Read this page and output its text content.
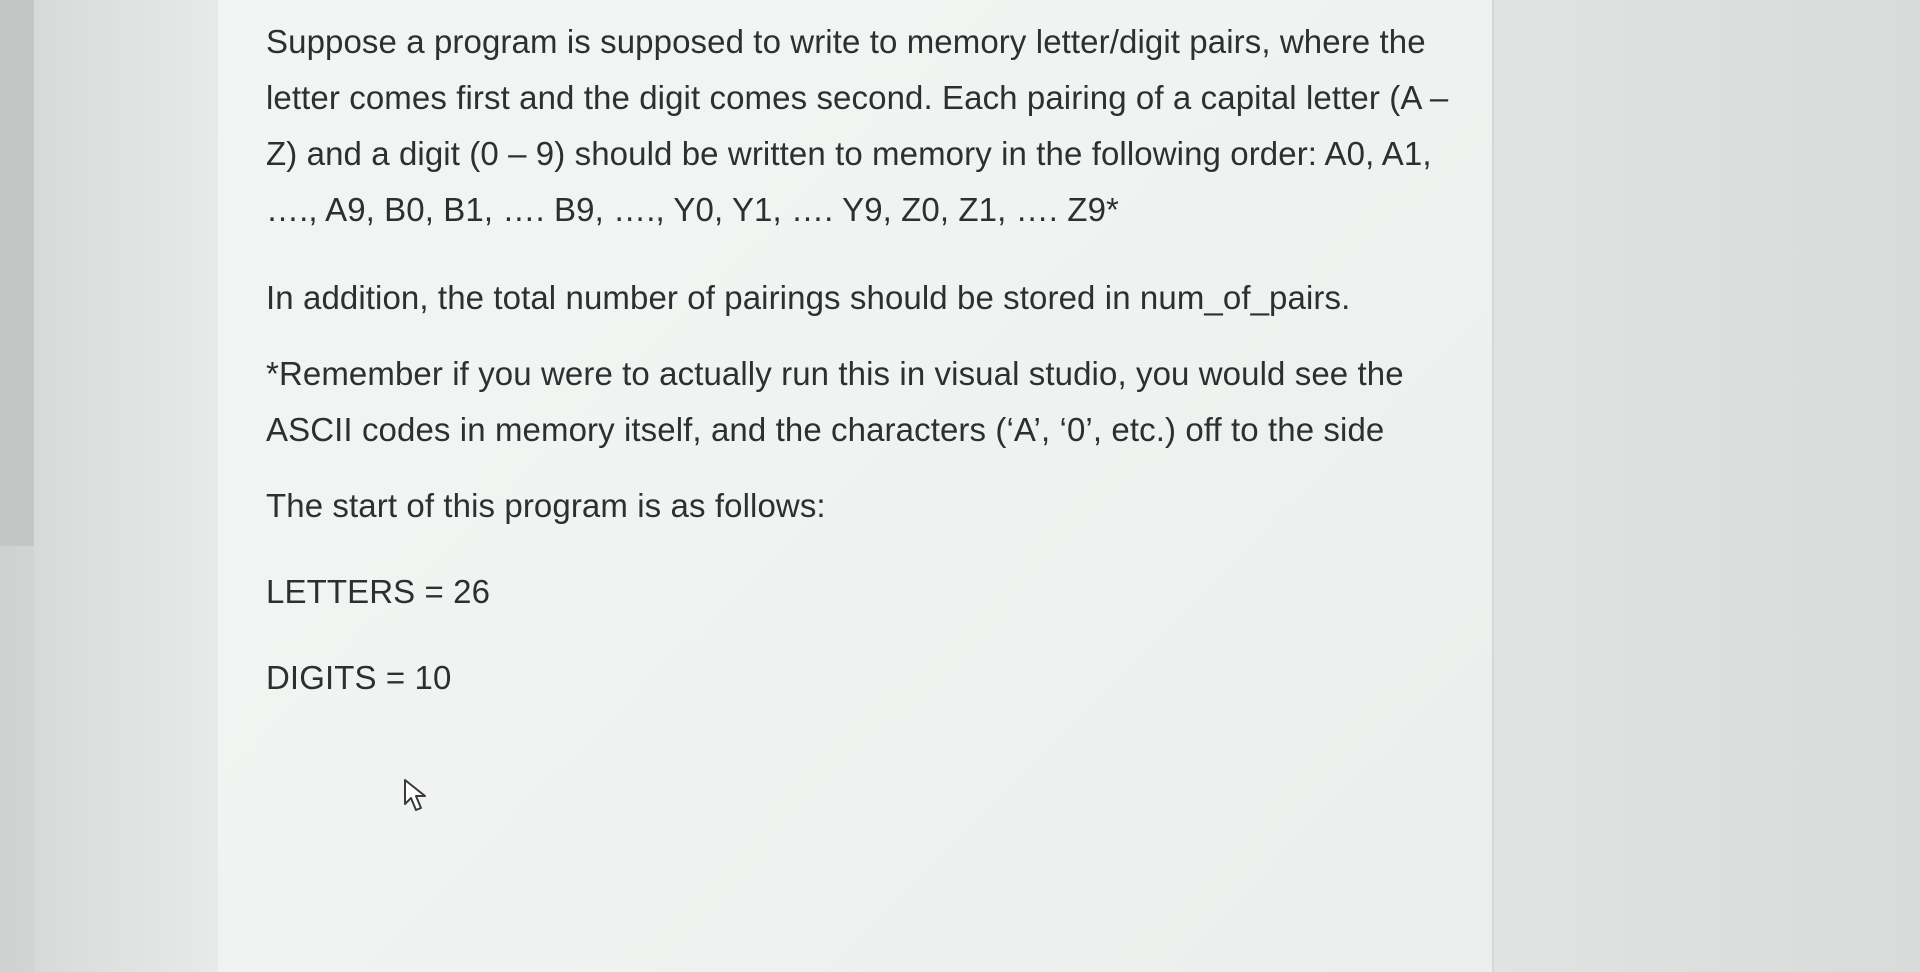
Suppose a program is supposed to write to memory letter/digit pairs, where the letter comes first and the digit comes second. Each pairing of a capital letter (A – Z) and a digit (0 – 9) should be written to memory in the following order: A0, A1, …., A9, B0, B1, …. B9, …., Y0, Y1, …. Y9, Z0, Z1, …. Z9*

In addition, the total number of pairings should be stored in num_of_pairs.

*Remember if you were to actually run this in visual studio, you would see the ASCII codes in memory itself, and the characters (‘A’, ‘0’, etc.) off to the side

The start of this program is as follows:

LETTERS = 26

DIGITS = 10
